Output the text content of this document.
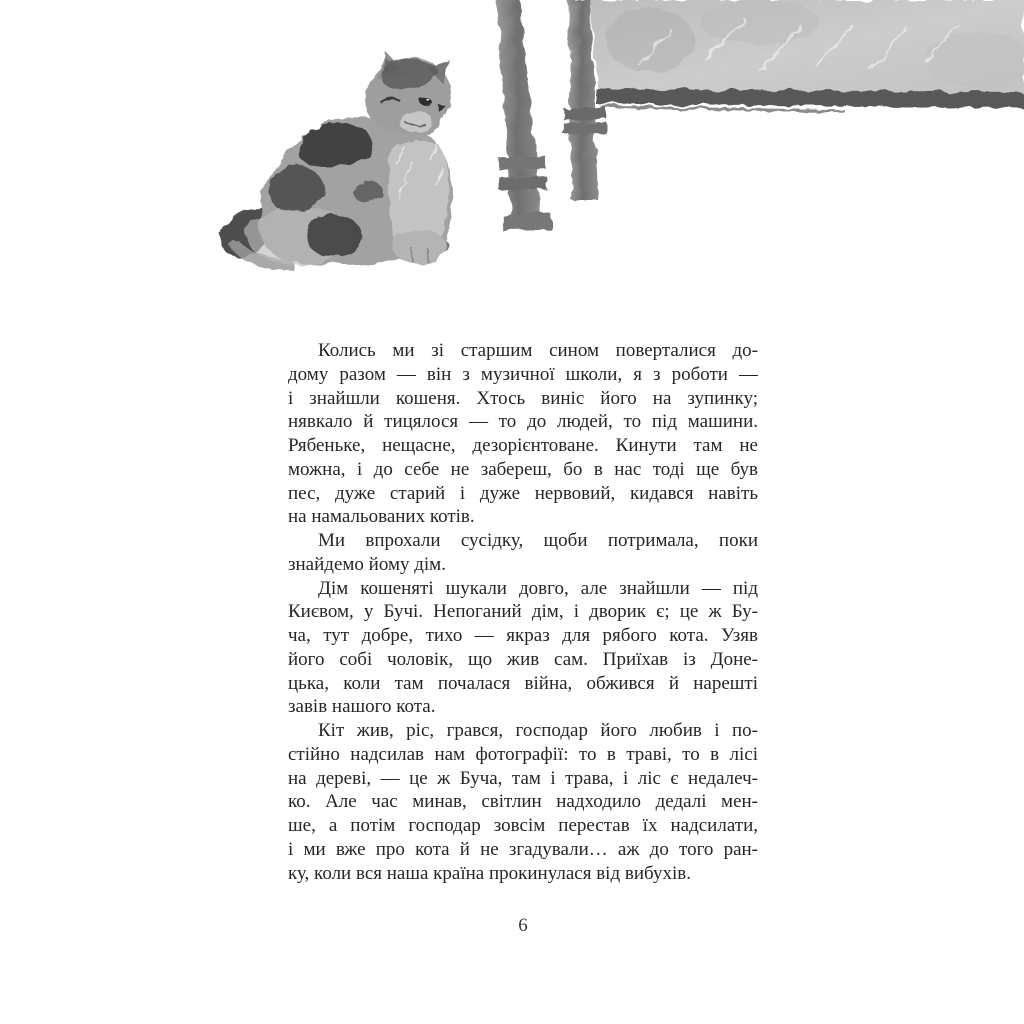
Колись ми зі старшим сином поверталися до-
дому разом — він з музичної школи, я з роботи —
і знайшли кошеня. Хтось виніс його на зупинку;
нявкало й тицялося — то до людей, то під машини.
Рябеньке, нещасне, дезорієнтоване. Кинути там не
можна, і до себе не забереш, бо в нас тоді ще був
пес, дуже старий і дуже нервовий, кидався навіть
на намальованих котів.
Ми впрохали сусідку, щоби потримала, поки
знайдемо йому дім.
Дім кошеняті шукали довго, але знайшли — під
Києвом, у Бучі. Непоганий дім, і дворик є; це ж Бу-
ча, тут добре, тихо — якраз для рябого кота. Узяв
його собі чоловік, що жив сам. Приїхав із Доне-
цька, коли там почалася війна, обжився й нарешті
завів нашого кота.
Кіт жив, ріс, грався, господар його любив і по-
стійно надсилав нам фотографії: то в траві, то в лісі
на дереві, — це ж Буча, там і трава, і ліс є недалеч-
ко. Але час минав, світлин надходило дедалі мен-
ше, а потім господар зовсім перестав їх надсилати,
і ми вже про кота й не згадували… аж до того ран-
ку, коли вся наша країна прокинулася від вибухів.
6
